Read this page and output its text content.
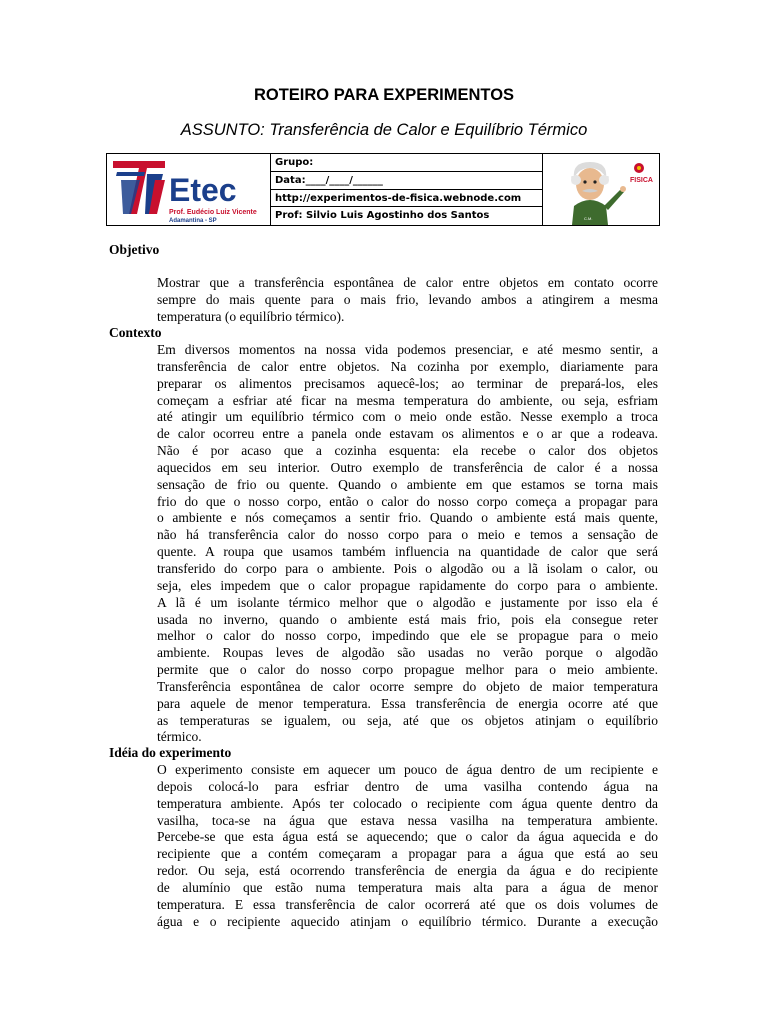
ROTEIRO PARA EXPERIMENTOS
ASSUNTO: Transferência de Calor e Equilíbrio Térmico
Etec
Prof. Eudécio Luiz Vicente
Adamantina - SP
Grupo:
Data:____/____/______
http://experimentos-de-fisica.webnode.com
Prof: Silvio Luis Agostinho dos Santos
FISICA
C.M.
Objetivo
Mostrar que a transferência espontânea de calor entre objetos em contato ocorre
sempre do mais quente para o mais frio, levando ambos a atingirem a mesma
temperatura (o equilíbrio térmico).
Contexto
Em diversos momentos na nossa vida podemos presenciar, e até mesmo sentir, a
transferência de calor entre objetos. Na cozinha por exemplo, diariamente para
preparar os alimentos precisamos aquecê-los; ao terminar de prepará-los, eles
começam a esfriar até ficar na mesma temperatura do ambiente, ou seja, esfriam
até atingir um equilíbrio térmico com o meio onde estão. Nesse exemplo a troca
de calor ocorreu entre a panela onde estavam os alimentos e o ar que a rodeava.
Não é por acaso que a cozinha esquenta: ela recebe o calor dos objetos
aquecidos em seu interior. Outro exemplo de transferência de calor é a nossa
sensação de frio ou quente. Quando o ambiente em que estamos se torna mais
frio do que o nosso corpo, então o calor do nosso corpo começa a propagar para
o ambiente e nós começamos a sentir frio. Quando o ambiente está mais quente,
não há transferência calor do nosso corpo para o meio e temos a sensação de
quente. A roupa que usamos também influencia na quantidade de calor que será
transferido do corpo para o ambiente. Pois o algodão ou a lã isolam o calor, ou
seja, eles impedem que o calor propague rapidamente do corpo para o ambiente.
A lã é um isolante térmico melhor que o algodão e justamente por isso ela é
usada no inverno, quando o ambiente está mais frio, pois ela consegue reter
melhor o calor do nosso corpo, impedindo que ele se propague para o meio
ambiente. Roupas leves de algodão são usadas no verão porque o algodão
permite que o calor do nosso corpo propague melhor para o meio ambiente.
Transferência espontânea de calor ocorre sempre do objeto de maior temperatura
para aquele de menor temperatura. Essa transferência de energia ocorre até que
as temperaturas se igualem, ou seja, até que os objetos atinjam o equilíbrio
térmico.
Idéia do experimento
O experimento consiste em aquecer um pouco de água dentro de um recipiente e
depois colocá-lo para esfriar dentro de uma vasilha contendo água na
temperatura ambiente. Após ter colocado o recipiente com água quente dentro da
vasilha, toca-se na água que estava nessa vasilha na temperatura ambiente.
Percebe-se que esta água está se aquecendo; que o calor da água aquecida e do
recipiente que a contém começaram a propagar para a água que está ao seu
redor. Ou seja, está ocorrendo transferência de energia da água e do recipiente
de alumínio que estão numa temperatura mais alta para a água de menor
temperatura. E essa transferência de calor ocorrerá até que os dois volumes de
água e o recipiente aquecido atinjam o equilíbrio térmico. Durante a execução
